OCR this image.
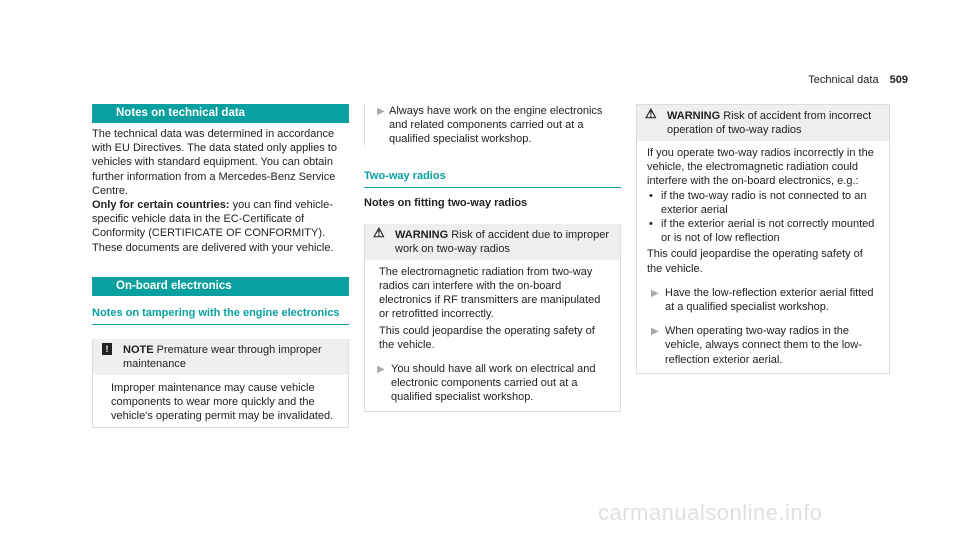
Technical data 509
Notes on technical data
The technical data was determined in accordance with EU Directives. The data stated only applies to vehicles with standard equipment. You can obtain further information from a Mercedes-Benz Service Centre.
Only for certain countries: you can find vehicle-specific vehicle data in the EC-Certificate of Conformity (CERTIFICATE OF CONFORMITY). These documents are delivered with your vehicle.
On-board electronics
Notes on tampering with the engine electronics
!	NOTE Premature wear through improper maintenance
Improper maintenance may cause vehicle components to wear more quickly and the vehicle's operating permit may be invalidated.
▶ Always have work on the engine electronics and related components carried out at a qualified specialist workshop.
Two-way radios
Notes on fitting two-way radios
⚠ WARNING Risk of accident due to improper work on two-way radios
The electromagnetic radiation from two-way radios can interfere with the on-board electronics if RF transmitters are manipulated or retrofitted incorrectly.
This could jeopardise the operating safety of the vehicle.
▶ You should have all work on electrical and electronic components carried out at a qualified specialist workshop.
⚠ WARNING Risk of accident from incorrect operation of two-way radios
If you operate two-way radios incorrectly in the vehicle, the electromagnetic radiation could interfere with the on-board electronics, e.g.:
• if the two-way radio is not connected to an exterior aerial
• if the exterior aerial is not correctly mounted or is not of low reflection
This could jeopardise the operating safety of the vehicle.
▶ Have the low-reflection exterior aerial fitted at a qualified specialist workshop.
▶ When operating two-way radios in the vehicle, always connect them to the low-reflection exterior aerial.
carmanualsonline.info
